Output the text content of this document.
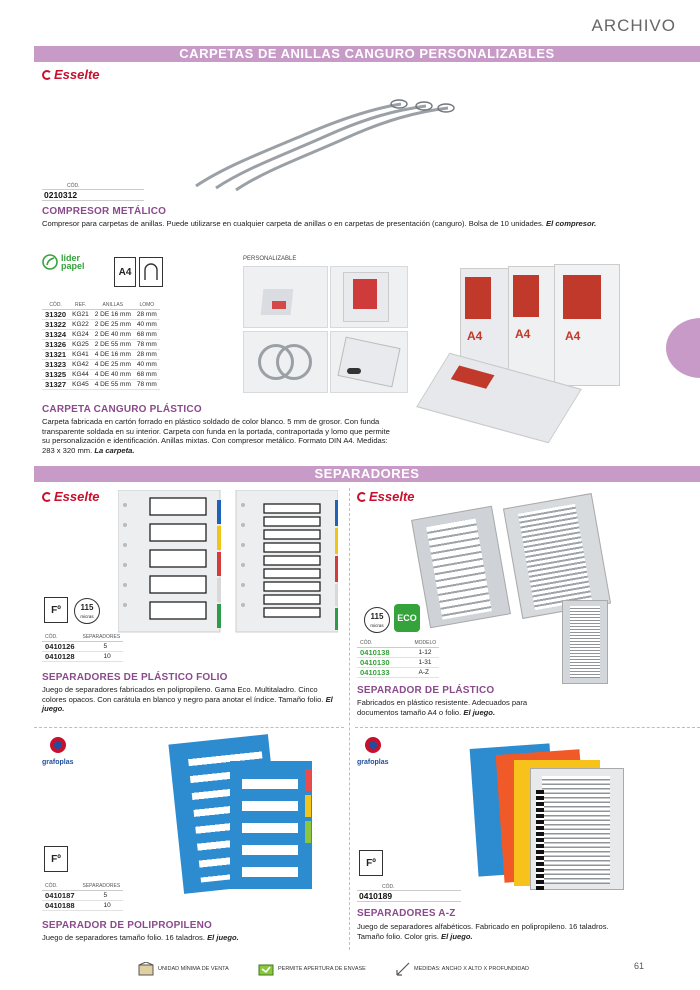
ARCHIVO
CARPETAS DE ANILLAS CANGURO PERSONALIZABLES
Esselte
CÓD.
0210312
COMPRESOR METÁLICO
Compresor para carpetas de anillas. Puede utilizarse en cualquier carpeta de anillas o en carpetas de presentación (canguro). Bolsa de 10 unidades. El compresor.
lider papel
A4
CÓD.	REF.	ANILLAS	LOMO
31320	KG21	2 DE 16 mm	28 mm
31322	KG22	2 DE 25 mm	40 mm
31324	KG24	2 DE 40 mm	68 mm
31326	KG25	2 DE 55 mm	78 mm
31321	KG41	4 DE 16 mm	28 mm
31323	KG42	4 DE 25 mm	40 mm
31325	KG44	4 DE 40 mm	68 mm
31327	KG45	4 DE 55 mm	78 mm
PERSONALIZABLE
A4	A4	A4
CARPETA CANGURO PLÁSTICO
Carpeta fabricada en cartón forrado en plástico soldado de color blanco. 5 mm de grosor. Con funda transparente soldada en su interior. Carpeta con funda en la portada, contraportada y lomo que permite su personalización e identificación. Anillas mixtas. Con compresor metálico. Formato DIN A4. Medidas: 283 x 320 mm. La carpeta.
SEPARADORES
Esselte
Fº	115
micras
CÓD.	SEPARADORES
0410126	5
0410128	10
SEPARADORES DE PLÁSTICO FOLIO
Juego de separadores fabricados en polipropileno. Gama Eco. Multitaladro. Cinco colores opacos. Con carátula en blanco y negro para anotar el índice. Tamaño folio. El juego.
Esselte
115
micras
ECO
CÓD.	MODELO
0410138	1-12
0410130	1-31
0410133	A-Z
SEPARADOR DE PLÁSTICO
Fabricados en plástico resistente. Adecuados para documentos tamaño A4 o folio. El juego.
grafoplas
Fº
CÓD.	SEPARADORES
0410187	5
0410188	10
SEPARADOR DE POLIPROPILENO
Juego de separadores tamaño folio. 16 taladros. El juego.
grafoplas
Fº
CÓD.
0410189
SEPARADORES A-Z
Juego de separadores alfabéticos. Fabricado en polipropileno. 16 taladros. Tamaño folio. Color gris. El juego.
UNIDAD MÍNIMA DE VENTA	PERMITE APERTURA DE ENVASE	MEDIDAS: ANCHO X ALTO X PROFUNDIDAD	61
